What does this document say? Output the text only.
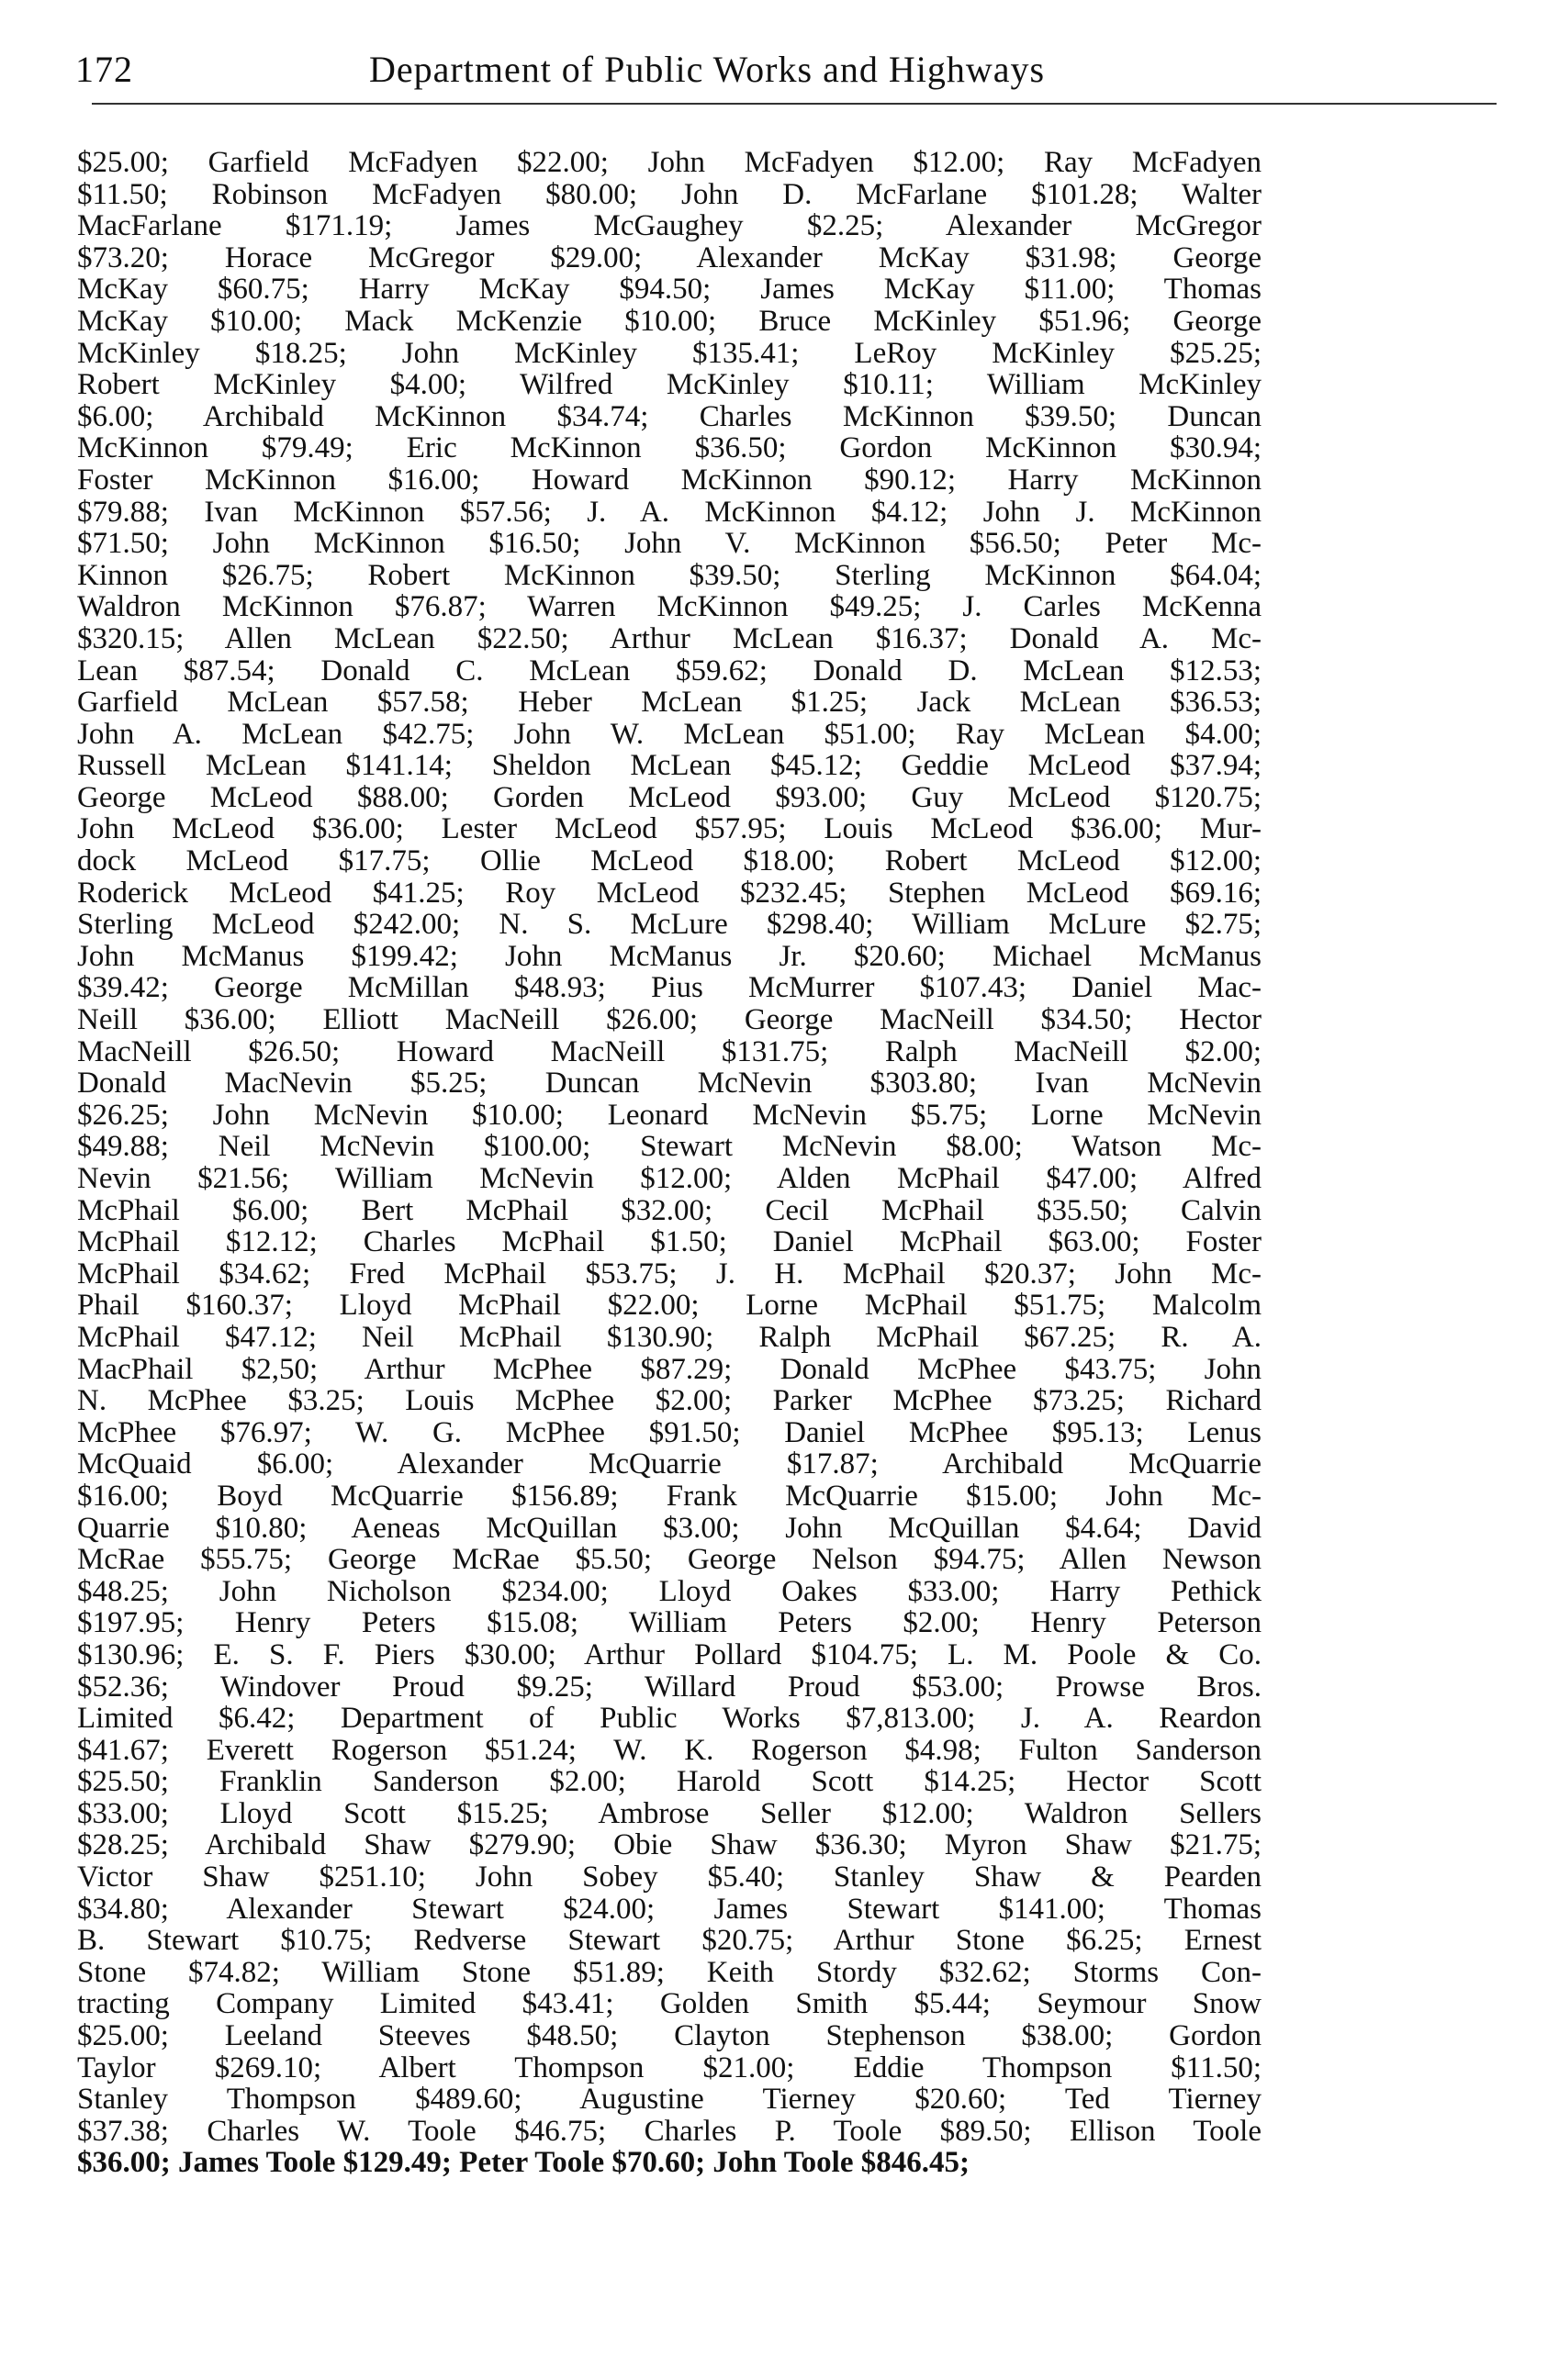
172	Department of Public Works and Highways
$25.00; Garfield McFadyen $22.00; John McFadyen $12.00; Ray McFadyen
$11.50; Robinson McFadyen $80.00; John D. McFarlane $101.28; Walter
MacFarlane $171.19; James McGaughey $2.25; Alexander McGregor
$73.20; Horace McGregor $29.00; Alexander McKay $31.98; George
McKay $60.75; Harry McKay $94.50; James McKay $11.00; Thomas
McKay $10.00; Mack McKenzie $10.00; Bruce McKinley $51.96; George
McKinley $18.25; John McKinley $135.41; LeRoy McKinley $25.25;
Robert McKinley $4.00; Wilfred McKinley $10.11; William McKinley
$6.00; Archibald McKinnon $34.74; Charles McKinnon $39.50; Duncan
McKinnon $79.49; Eric McKinnon $36.50; Gordon McKinnon $30.94;
Foster McKinnon $16.00; Howard McKinnon $90.12; Harry McKinnon
$79.88; Ivan McKinnon $57.56; J. A. McKinnon $4.12; John J. McKinnon
$71.50; John McKinnon $16.50; John V. McKinnon $56.50; Peter Mc-
Kinnon $26.75; Robert McKinnon $39.50; Sterling McKinnon $64.04;
Waldron McKinnon $76.87; Warren McKinnon $49.25; J. Carles McKenna
$320.15; Allen McLean $22.50; Arthur McLean $16.37; Donald A. Mc-
Lean $87.54; Donald C. McLean $59.62; Donald D. McLean $12.53;
Garfield McLean $57.58; Heber McLean $1.25; Jack McLean $36.53;
John A. McLean $42.75; John W. McLean $51.00; Ray McLean $4.00;
Russell McLean $141.14; Sheldon McLean $45.12; Geddie McLeod $37.94;
George McLeod $88.00; Gorden McLeod $93.00; Guy McLeod $120.75;
John McLeod $36.00; Lester McLeod $57.95; Louis McLeod $36.00; Mur-
dock McLeod $17.75; Ollie McLeod $18.00; Robert McLeod $12.00;
Roderick McLeod $41.25; Roy McLeod $232.45; Stephen McLeod $69.16;
Sterling McLeod $242.00; N. S. McLure $298.40; William McLure $2.75;
John McManus $199.42; John McManus Jr. $20.60; Michael McManus
$39.42; George McMillan $48.93; Pius McMurrer $107.43; Daniel Mac-
Neill $36.00; Elliott MacNeill $26.00; George MacNeill $34.50; Hector
MacNeill $26.50; Howard MacNeill $131.75; Ralph MacNeill $2.00;
Donald MacNevin $5.25; Duncan McNevin $303.80; Ivan McNevin
$26.25; John McNevin $10.00; Leonard McNevin $5.75; Lorne McNevin
$49.88; Neil McNevin $100.00; Stewart McNevin $8.00; Watson Mc-
Nevin $21.56; William McNevin $12.00; Alden McPhail $47.00; Alfred
McPhail $6.00; Bert McPhail $32.00; Cecil McPhail $35.50; Calvin
McPhail $12.12; Charles McPhail $1.50; Daniel McPhail $63.00; Foster
McPhail $34.62; Fred McPhail $53.75; J. H. McPhail $20.37; John Mc-
Phail $160.37; Lloyd McPhail $22.00; Lorne McPhail $51.75; Malcolm
McPhail $47.12; Neil McPhail $130.90; Ralph McPhail $67.25; R. A.
MacPhail $2,50; Arthur McPhee $87.29; Donald McPhee $43.75; John
N. McPhee $3.25; Louis McPhee $2.00; Parker McPhee $73.25; Richard
McPhee $76.97; W. G. McPhee $91.50; Daniel McPhee $95.13; Lenus
McQuaid $6.00; Alexander McQuarrie $17.87; Archibald McQuarrie
$16.00; Boyd McQuarrie $156.89; Frank McQuarrie $15.00; John Mc-
Quarrie $10.80; Aeneas McQuillan $3.00; John McQuillan $4.64; David
McRae $55.75; George McRae $5.50; George Nelson $94.75; Allen Newson
$48.25; John Nicholson $234.00; Lloyd Oakes $33.00; Harry Pethick
$197.95; Henry Peters $15.08; William Peters $2.00; Henry Peterson
$130.96; E. S. F. Piers $30.00; Arthur Pollard $104.75; L. M. Poole & Co.
$52.36; Windover Proud $9.25; Willard Proud $53.00; Prowse Bros.
Limited $6.42; Department of Public Works $7,813.00; J. A. Reardon
$41.67; Everett Rogerson $51.24; W. K. Rogerson $4.98; Fulton Sanderson
$25.50; Franklin Sanderson $2.00; Harold Scott $14.25; Hector Scott
$33.00; Lloyd Scott $15.25; Ambrose Seller $12.00; Waldron Sellers
$28.25; Archibald Shaw $279.90; Obie Shaw $36.30; Myron Shaw $21.75;
Victor Shaw $251.10; John Sobey $5.40; Stanley Shaw & Pearden
$34.80; Alexander Stewart $24.00; James Stewart $141.00; Thomas
B. Stewart $10.75; Redverse Stewart $20.75; Arthur Stone $6.25; Ernest
Stone $74.82; William Stone $51.89; Keith Stordy $32.62; Storms Con-
tracting Company Limited $43.41; Golden Smith $5.44; Seymour Snow
$25.00; Leeland Steeves $48.50; Clayton Stephenson $38.00; Gordon
Taylor $269.10; Albert Thompson $21.00; Eddie Thompson $11.50;
Stanley Thompson $489.60; Augustine Tierney $20.60; Ted Tierney
$37.38; Charles W. Toole $46.75; Charles P. Toole $89.50; Ellison Toole
$36.00; James Toole $129.49; Peter Toole $70.60; John Toole $846.45;
